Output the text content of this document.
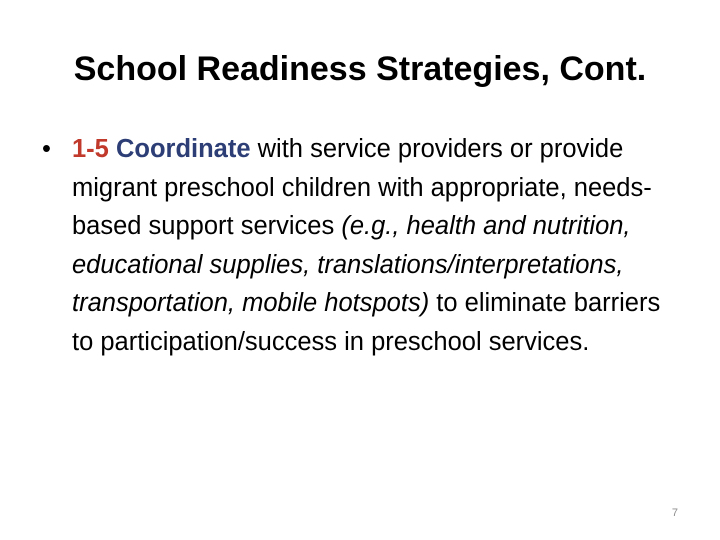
School Readiness Strategies, Cont.
• 1-5 Coordinate with service providers or provide migrant preschool children with appropriate, needs-based support services (e.g., health and nutrition, educational supplies, translations/interpretations, transportation, mobile hotspots) to eliminate barriers to participation/success in preschool services.
7
